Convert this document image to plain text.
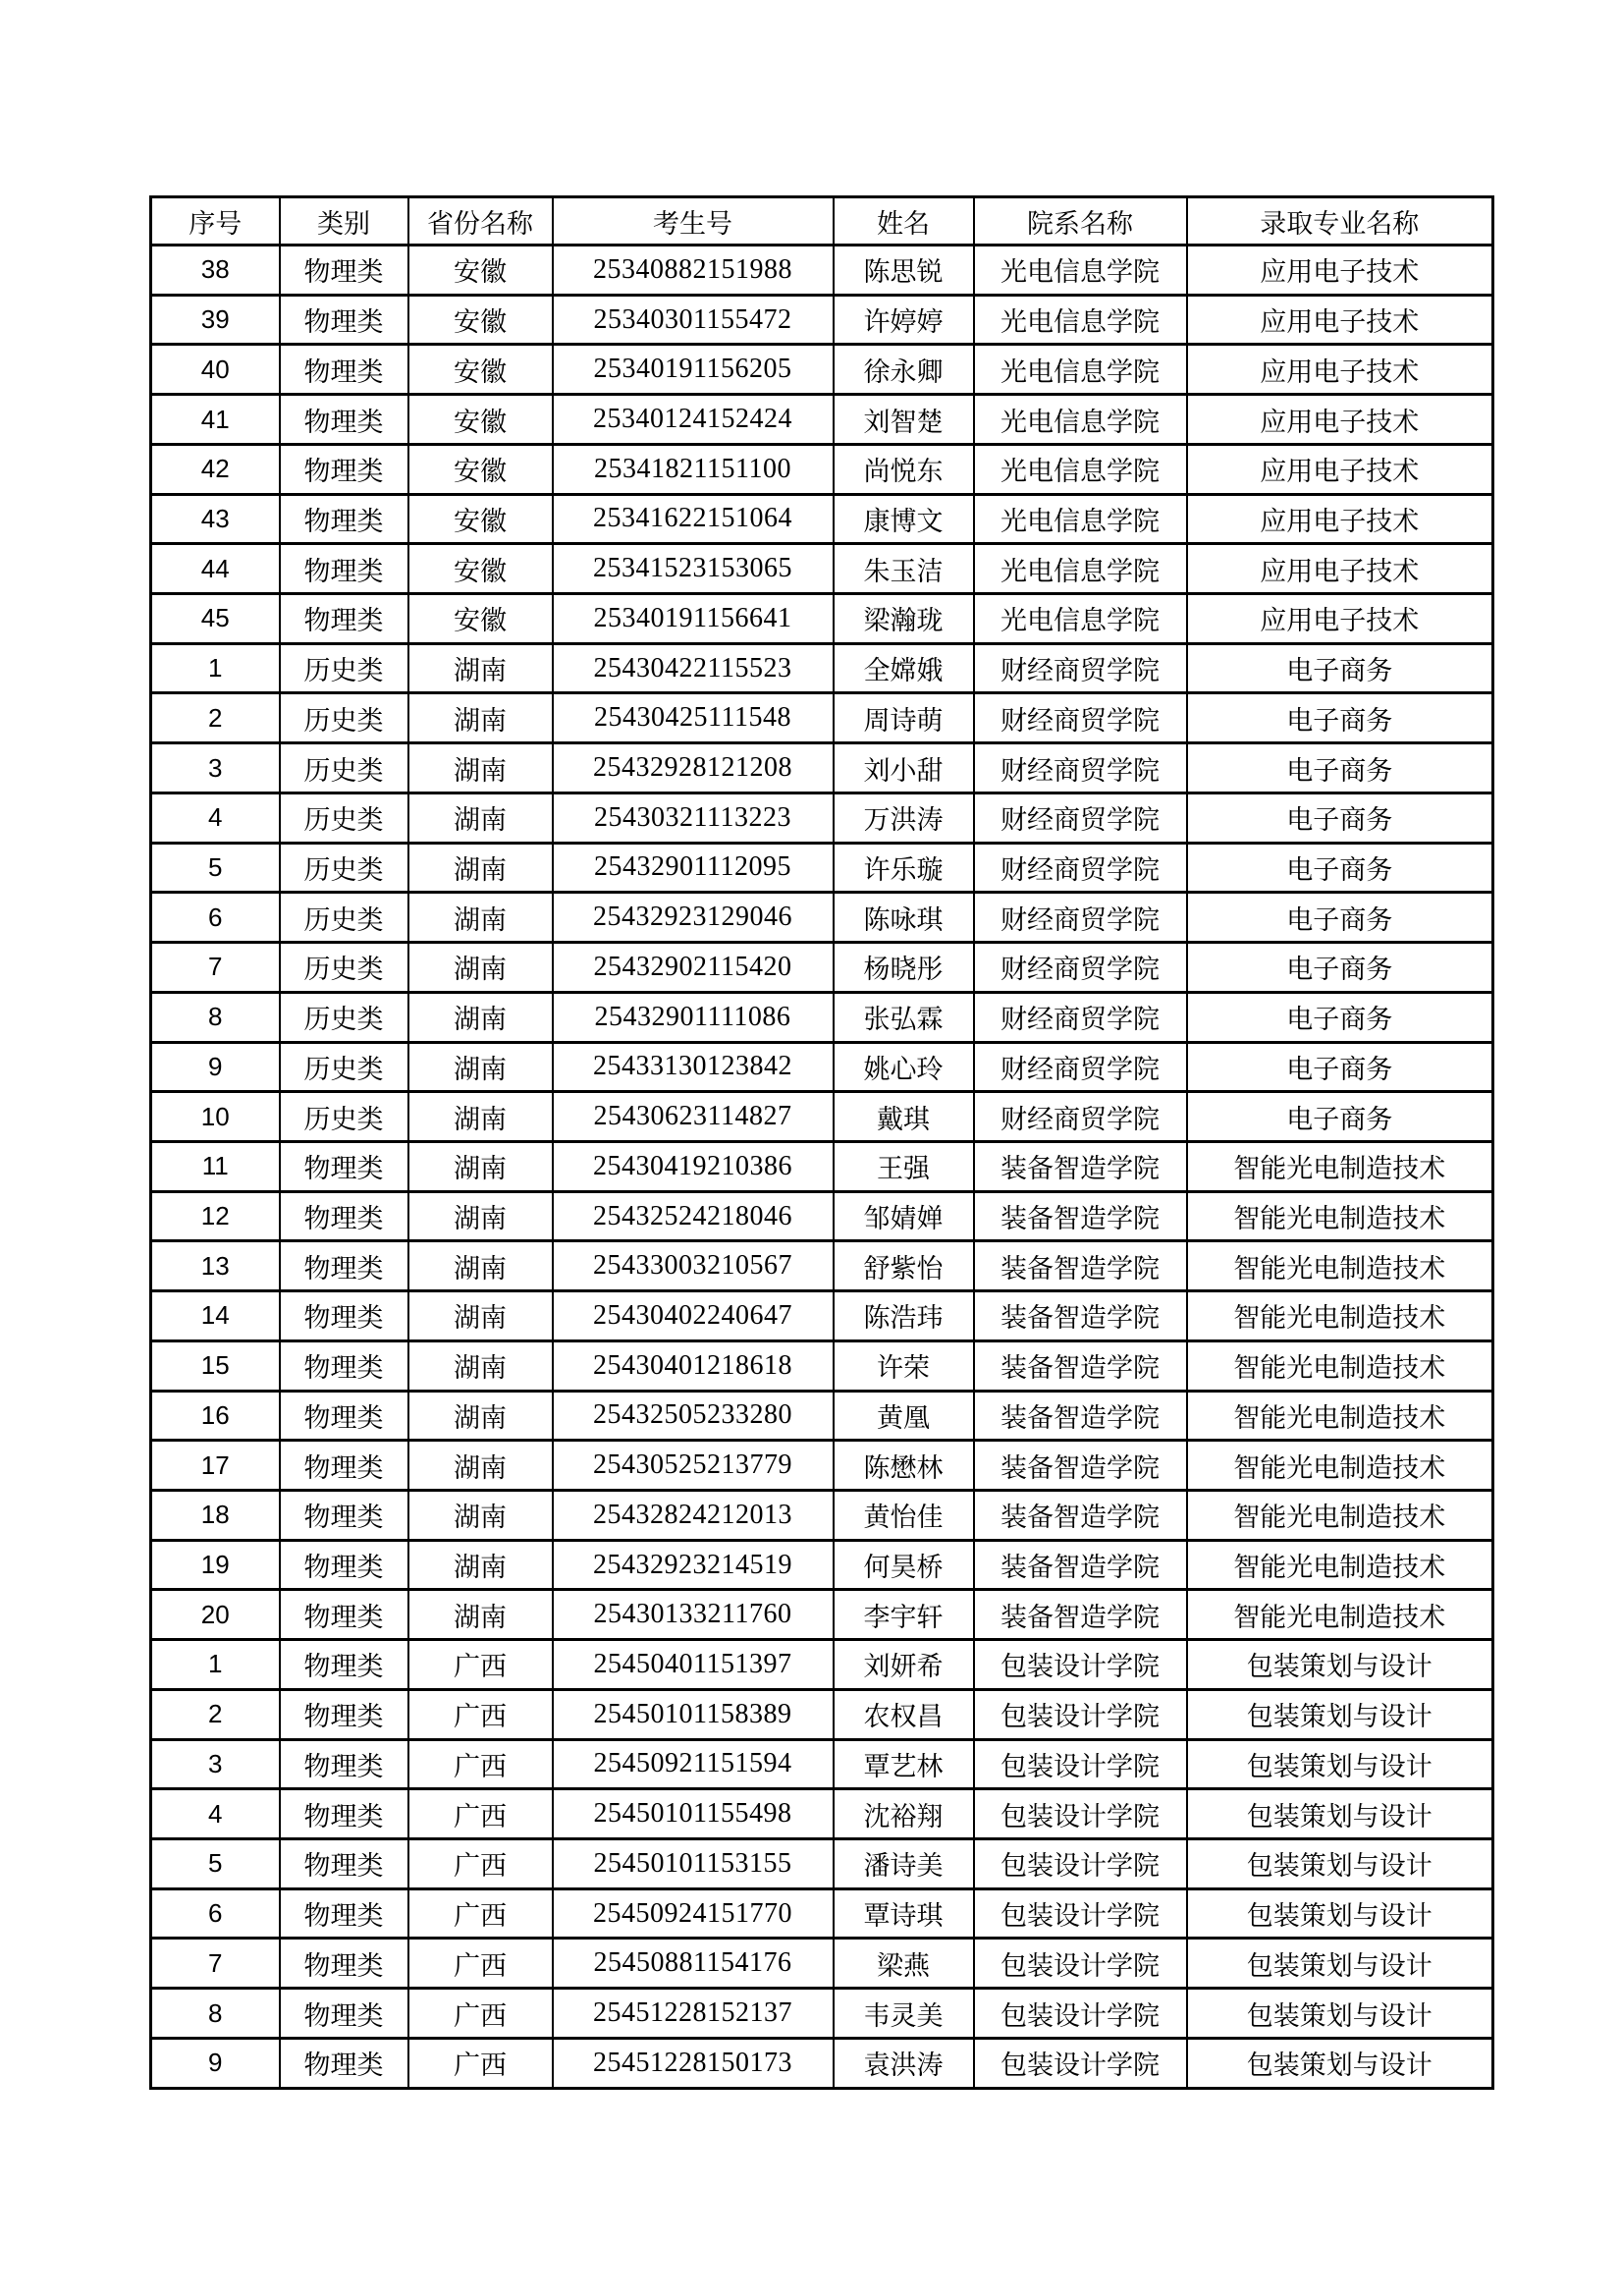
序号	类别	省份名称	考生号	姓名	院系名称	录取专业名称
38	物理类	安徽	25340882151988	陈思锐	光电信息学院	应用电子技术
39	物理类	安徽	25340301155472	许婷婷	光电信息学院	应用电子技术
40	物理类	安徽	25340191156205	徐永卿	光电信息学院	应用电子技术
41	物理类	安徽	25340124152424	刘智楚	光电信息学院	应用电子技术
42	物理类	安徽	25341821151100	尚悦东	光电信息学院	应用电子技术
43	物理类	安徽	25341622151064	康博文	光电信息学院	应用电子技术
44	物理类	安徽	25341523153065	朱玉洁	光电信息学院	应用电子技术
45	物理类	安徽	25340191156641	梁瀚珑	光电信息学院	应用电子技术
1	历史类	湖南	25430422115523	全嫦娥	财经商贸学院	电子商务
2	历史类	湖南	25430425111548	周诗萌	财经商贸学院	电子商务
3	历史类	湖南	25432928121208	刘小甜	财经商贸学院	电子商务
4	历史类	湖南	25430321113223	万洪涛	财经商贸学院	电子商务
5	历史类	湖南	25432901112095	许乐璇	财经商贸学院	电子商务
6	历史类	湖南	25432923129046	陈咏琪	财经商贸学院	电子商务
7	历史类	湖南	25432902115420	杨晓彤	财经商贸学院	电子商务
8	历史类	湖南	25432901111086	张弘霖	财经商贸学院	电子商务
9	历史类	湖南	25433130123842	姚心玲	财经商贸学院	电子商务
10	历史类	湖南	25430623114827	戴琪	财经商贸学院	电子商务
11	物理类	湖南	25430419210386	王强	装备智造学院	智能光电制造技术
12	物理类	湖南	25432524218046	邹婧婵	装备智造学院	智能光电制造技术
13	物理类	湖南	25433003210567	舒紫怡	装备智造学院	智能光电制造技术
14	物理类	湖南	25430402240647	陈浩玮	装备智造学院	智能光电制造技术
15	物理类	湖南	25430401218618	许荣	装备智造学院	智能光电制造技术
16	物理类	湖南	25432505233280	黄凰	装备智造学院	智能光电制造技术
17	物理类	湖南	25430525213779	陈懋林	装备智造学院	智能光电制造技术
18	物理类	湖南	25432824212013	黄怡佳	装备智造学院	智能光电制造技术
19	物理类	湖南	25432923214519	何昊桥	装备智造学院	智能光电制造技术
20	物理类	湖南	25430133211760	李宇轩	装备智造学院	智能光电制造技术
1	物理类	广西	25450401151397	刘妍希	包装设计学院	包装策划与设计
2	物理类	广西	25450101158389	农权昌	包装设计学院	包装策划与设计
3	物理类	广西	25450921151594	覃艺林	包装设计学院	包装策划与设计
4	物理类	广西	25450101155498	沈裕翔	包装设计学院	包装策划与设计
5	物理类	广西	25450101153155	潘诗美	包装设计学院	包装策划与设计
6	物理类	广西	25450924151770	覃诗琪	包装设计学院	包装策划与设计
7	物理类	广西	25450881154176	梁燕	包装设计学院	包装策划与设计
8	物理类	广西	25451228152137	韦灵美	包装设计学院	包装策划与设计
9	物理类	广西	25451228150173	袁洪涛	包装设计学院	包装策划与设计
